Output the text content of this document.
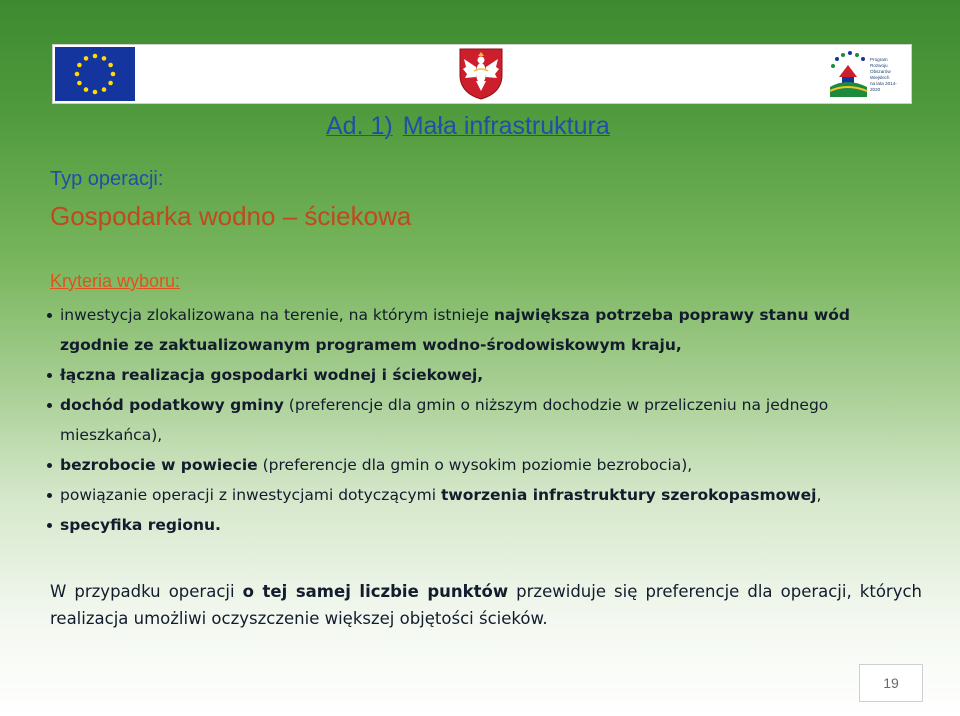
Program
Rozwoju
Obszarów
Wiejskich
na lata 2014-2020
Ad. 1) Mała infrastruktura
Typ operacji:
Gospodarka wodno – ściekowa
Kryteria wyboru:
inwestycja zlokalizowana na terenie, na którym istnieje największa potrzeba poprawy stanu wód
zgodnie ze zaktualizowanym programem wodno-środowiskowym kraju,
łączna realizacja gospodarki wodnej i ściekowej,
dochód podatkowy gminy (preferencje dla gmin o niższym dochodzie w przeliczeniu na jednego
mieszkańca),
bezrobocie w powiecie (preferencje dla gmin o wysokim poziomie bezrobocia),
powiązanie operacji z inwestycjami dotyczącymi tworzenia infrastruktury szerokopasmowej,
specyfika regionu.
W przypadku operacji o tej samej liczbie punktów przewiduje się preferencje dla operacji, których realizacja umożliwi oczyszczenie większej objętości ścieków.
19
